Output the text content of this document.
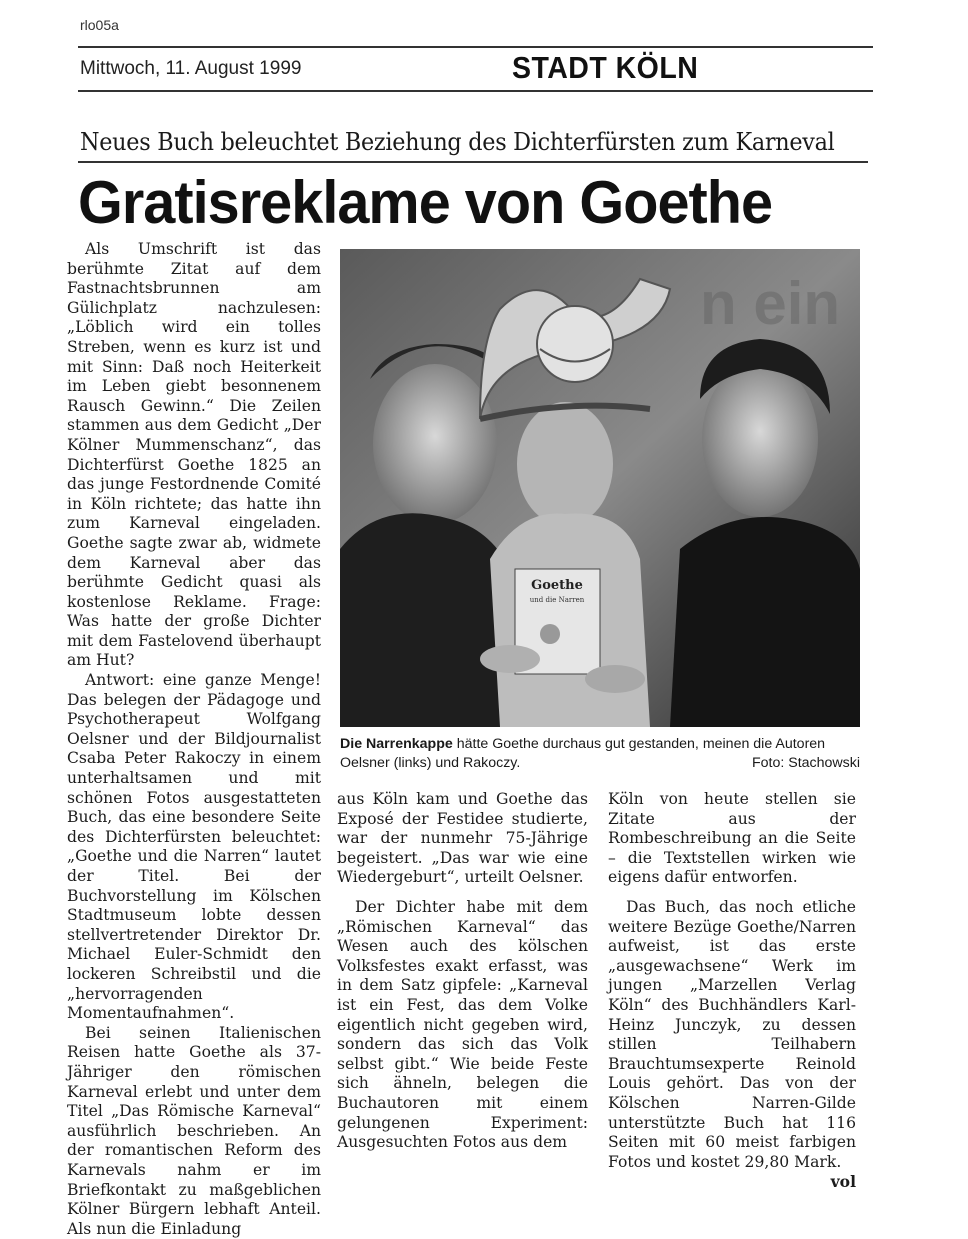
rlo05a
Mittwoch, 11. August 1999	STADT KÖLN
Neues Buch beleuchtet Beziehung des Dichterfürsten zum Karneval
Gratisreklame von Goethe

Als Umschrift ist das berühmte Zitat auf dem Fastnachtsbrunnen am Gülichplatz nachzulesen: „Löblich wird ein tolles Streben, wenn es kurz ist und mit Sinn: Daß noch Heiterkeit im Leben giebt besonnenem Rausch Gewinn.“ Die Zeilen stammen aus dem Gedicht „Der Kölner Mummenschanz“, das Dichterfürst Goethe 1825 an das junge Festordnende Comité in Köln richtete; das hatte ihn zum Karneval eingeladen. Goethe sagte zwar ab, widmete dem Karneval aber das berühmte Gedicht quasi als kostenlose Reklame. Frage: Was hatte der große Dichter mit dem Fastelovend überhaupt am Hut?

Antwort: eine ganze Menge! Das belegen der Pädagoge und Psychotherapeut Wolfgang Oelsner und der Bildjournalist Csaba Peter Rakoczy in einem unterhaltsamen und mit schönen Fotos ausgestatteten Buch, das eine besondere Seite des Dichterfürsten beleuchtet: „Goethe und die Narren“ lautet der Titel. Bei der Buchvorstellung im Kölschen Stadtmuseum lobte dessen stellvertretender Direktor Dr. Michael Euler-Schmidt den lockeren Schreibstil und die „hervorragenden Momentaufnahmen“.

Bei seinen Italienischen Reisen hatte Goethe als 37-Jähriger den römischen Karneval erlebt und unter dem Titel „Das Römische Karneval“ ausführlich beschrieben. An der romantischen Reform des Karnevals nahm er im Briefkontakt zu maßgeblichen Kölner Bürgern lebhaft Anteil. Als nun die Einladung

n ein
Goethe
und die Narren
Die Narrenkappe hätte Goethe durchaus gut gestanden, meinen die Autoren Oelsner (links) und Rakoczy.	Foto: Stachowski

aus Köln kam und Goethe das Exposé der Festidee studierte, war der nunmehr 75-Jährige begeistert. „Das war wie eine Wiedergeburt“, urteilt Oelsner.

Der Dichter habe mit dem „Römischen Karneval“ das Wesen auch des kölschen Volksfestes exakt erfasst, was in dem Satz gipfele: „Karneval ist ein Fest, das dem Volke eigentlich nicht gegeben wird, sondern das sich das Volk selbst gibt.“ Wie beide Feste sich ähneln, belegen die Buchautoren mit einem gelungenen Experiment: Ausgesuchten Fotos aus dem

Köln von heute stellen sie Zitate aus der Rombeschreibung an die Seite – die Textstellen wirken wie eigens dafür entworfen.

Das Buch, das noch etliche weitere Bezüge Goethe/Narren aufweist, ist das erste „ausgewachsene“ Werk im jungen „Marzellen Verlag Köln“ des Buchhändlers Karl-Heinz Junczyk, zu dessen stillen Teilhabern Brauchtumsexperte Reinold Louis gehört. Das von der Kölschen Narren-Gilde unterstützte Buch hat 116 Seiten mit 60 meist farbigen Fotos und kostet 29,80 Mark.

vol
